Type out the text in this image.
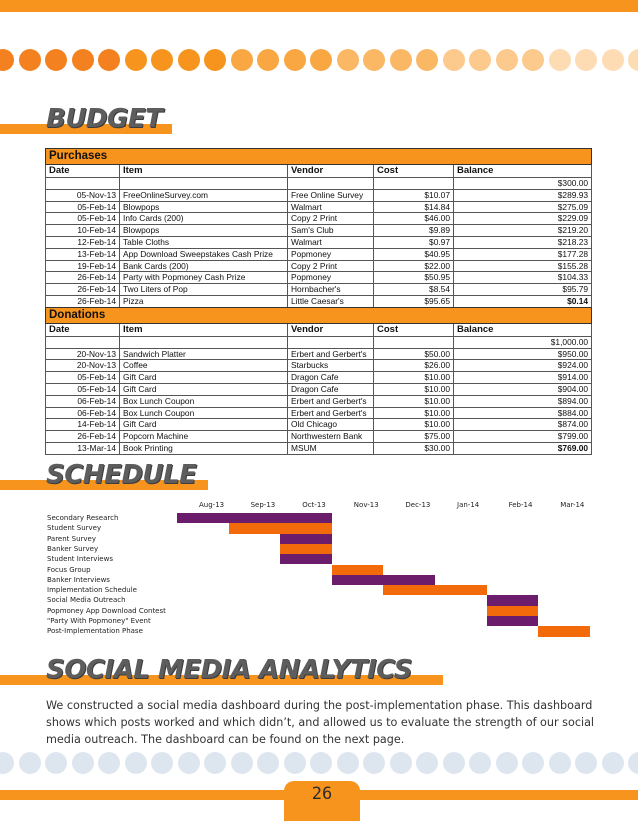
BUDGET
Purchases				
Date	Item	Vendor	Cost	Balance
				$300.00
05-Nov-13	FreeOnlineSurvey.com	Free Online Survey	$10.07	$289.93
05-Feb-14	Blowpops	Walmart	$14.84	$275.09
05-Feb-14	Info Cards (200)	Copy 2 Print	$46.00	$229.09
10-Feb-14	Blowpops	Sam's Club	$9.89	$219.20
12-Feb-14	Table Cloths	Walmart	$0.97	$218.23
13-Feb-14	App Download Sweepstakes Cash Prize	Popmoney	$40.95	$177.28
19-Feb-14	Bank Cards (200)	Copy 2 Print	$22.00	$155.28
26-Feb-14	Party with Popmoney Cash Prize	Popmoney	$50.95	$104.33
26-Feb-14	Two Liters of Pop	Hornbacher's	$8.54	$95.79
26-Feb-14	Pizza	Little Caesar's	$95.65	$0.14
Donations				
Date	Item	Vendor	Cost	Balance
				$1,000.00
20-Nov-13	Sandwich Platter	Erbert and Gerbert's	$50.00	$950.00
20-Nov-13	Coffee	Starbucks	$26.00	$924.00
05-Feb-14	Gift Card	Dragon Cafe	$10.00	$914.00
05-Feb-14	Gift Card	Dragon Cafe	$10.00	$904.00
06-Feb-14	Box Lunch Coupon	Erbert and Gerbert's	$10.00	$894.00
06-Feb-14	Box Lunch Coupon	Erbert and Gerbert's	$10.00	$884.00
14-Feb-14	Gift Card	Old Chicago	$10.00	$874.00
26-Feb-14	Popcorn Machine	Northwestern Bank	$75.00	$799.00
13-Mar-14	Book Printing	MSUM	$30.00	$769.00
SCHEDULE
Aug-13	Sep-13	Oct-13	Nov-13	Dec-13	Jan-14	Feb-14	Mar-14
Secondary Research
Student Survey
Parent Survey
Banker Survey
Student Interviews
Focus Group
Banker Interviews
Implementation Schedule
Social Media Outreach
Popmoney App Download Contest
"Party With Popmoney" Event
Post-Implementation Phase
SOCIAL MEDIA ANALYTICS

We constructed a social media dashboard during the post-implementation phase. This dashboard shows which posts worked and which didn’t, and allowed us to evaluate the strength of our social media outreach. The dashboard can be found on the next page.

26
